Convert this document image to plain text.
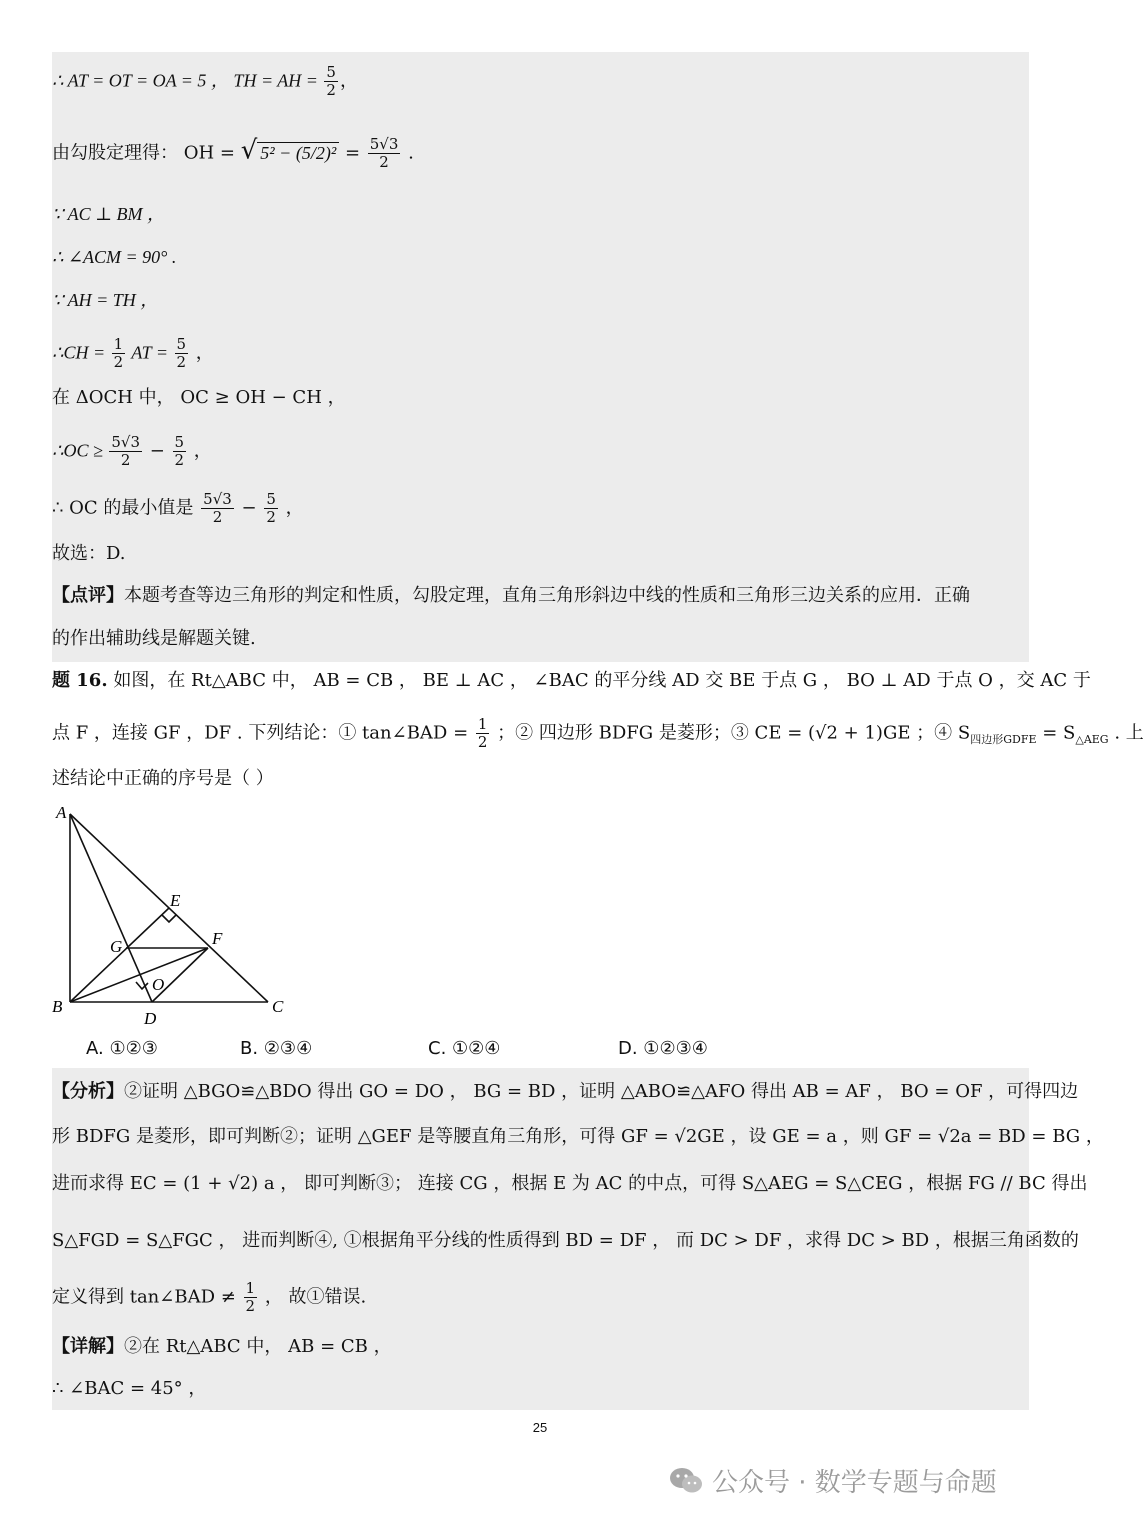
∴ AT = OT = OA = 5 ， TH = AH = $\frac{5}{2}$ ，
由勾股定理得： OH = √ $5^2 - (5/2)^2 = \frac{5√3}{2}$ .
∵ AC ⊥ BM ，
∴ ∠ACM = 90° .
∵ AH = TH ，
∴CH = $\frac{1}{2}$ AT = $\frac{5}{2}$ ，
在 ΔOCH 中， OC ≥ OH − CH ，
∴OC ≥ $\frac{5√3}{2} - \frac{5}{2}$ ，
∴ OC 的最小值是 $\frac{5√3}{2} - \frac{5}{2}$ ，
故选：D.
【点评】本题考查等边三角形的判定和性质，勾股定理，直角三角形斜边中线的性质和三角形三边关系的应用．正确
的作出辅助线是解题关键.
题 16. 如图，在 Rt△ABC 中， AB = CB ， BE ⊥ AC ， ∠BAC 的平分线 AD 交 BE 于点 G ， BO ⊥ AD 于点 O ，交 AC 于
点 F ，连接 GF ，DF . 下列结论：① tan∠BAD = $\frac{1}{2}$ ；② 四边形 BDFG 是菱形；③ CE = (√2 + 1)GE ；④ $S_{四边形GDFE} = S_{\triangle AEG}$ . 上
述结论中正确的序号是（ ）
A
B	C
D
E
F
G
O
A. ①②③	B. ②③④	C. ①②④	D. ①②③④
【分析】②证明 △BGO≌△BDO 得出 GO = DO ， BG = BD ，证明 △ABO≌△AFO 得出 AB = AF ， BO = OF ，可得四边
形 BDFG 是菱形，即可判断②；证明 △GEF 是等腰直角三角形，可得 GF = √2GE ，设 GE = a ，则 GF = √2a = BD = BG ，
进而求得 EC = (1 + √2) a ， 即可判断③； 连接 CG ，根据 E 为 AC 的中点，可得 S△AEG = S△CEG ，根据 FG // BC 得出
S△FGD = S△FGC ， 进而判断④, ①根据角平分线的性质得到 BD = DF ， 而 DC > DF ，求得 DC > BD ，根据三角函数的
定义得到 tan∠BAD ≠ $\frac{1}{2}$ ， 故①错误.
【详解】②在 Rt△ABC 中， AB = CB ，
∴ ∠BAC = 45° ，
25
公众号 · 数学专题与命题
